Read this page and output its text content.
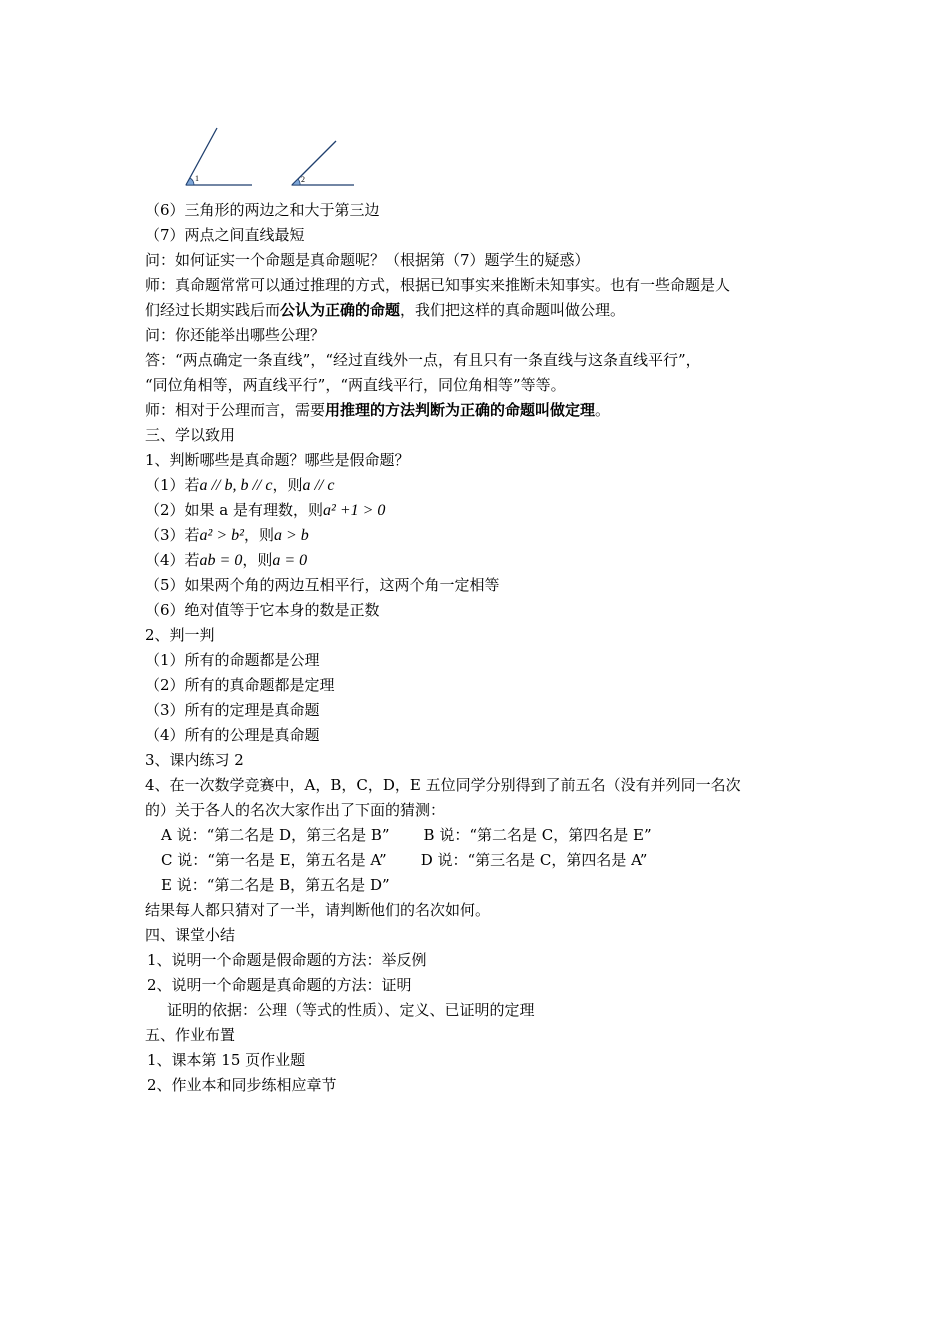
1	2
（6）三角形的两边之和大于第三边
（7）两点之间直线最短
问：如何证实一个命题是真命题呢？（根据第（7）题学生的疑惑）
师：真命题常常可以通过推理的方式，根据已知事实来推断未知事实。也有一些命题是人
们经过长期实践后而公认为正确的命题，我们把这样的真命题叫做公理。
问：你还能举出哪些公理？
答：“两点确定一条直线”，“经过直线外一点，有且只有一条直线与这条直线平行”，
“同位角相等，两直线平行”，“两直线平行，同位角相等”等等。
师：相对于公理而言，需要用推理的方法判断为正确的命题叫做定理。
三、学以致用
1、判断哪些是真命题？哪些是假命题？
（1）若a // b, b // c，则a // c
（2）如果 a 是有理数，则a² +1 > 0
（3）若a² > b²，则a > b
（4）若ab = 0，则a = 0
（5）如果两个角的两边互相平行，这两个角一定相等
（6）绝对值等于它本身的数是正数
2、判一判
（1）所有的命题都是公理
（2）所有的真命题都是定理
（3）所有的定理是真命题
（4）所有的公理是真命题
3、课内练习 2
4、在一次数学竞赛中，A，B，C，D，E 五位同学分别得到了前五名（没有并列同一名次
的）关于各人的名次大家作出了下面的猜测：
A 说：“第二名是 D，第三名是 B” B 说：“第二名是 C，第四名是 E”
C 说：“第一名是 E，第五名是 A” D 说：“第三名是 C，第四名是 A”
E 说：“第二名是 B，第五名是 D”
结果每人都只猜对了一半，请判断他们的名次如何。
四、课堂小结
1、说明一个命题是假命题的方法：举反例
2、说明一个命题是真命题的方法：证明
证明的依据：公理（等式的性质）、定义、已证明的定理
五、作业布置
1、课本第 15 页作业题
2、作业本和同步练相应章节
